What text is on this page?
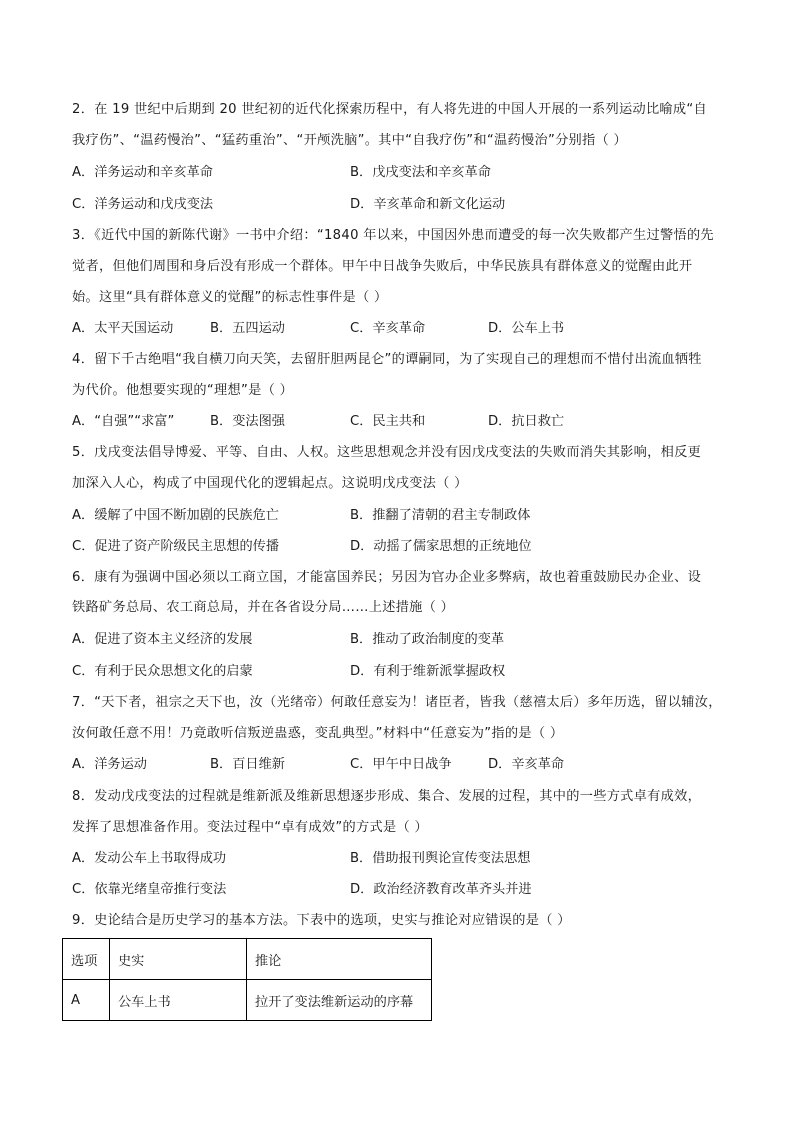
2．在 19 世纪中后期到 20 世纪初的近代化探索历程中，有人将先进的中国人开展的一系列运动比喻成“自
我疗伤”、“温药慢治”、“猛药重治”、“开颅洗脑”。其中“自我疗伤”和“温药慢治”分别指（ ）
A．洋务运动和辛亥革命	B．戊戌变法和辛亥革命
C．洋务运动和戊戌变法	D．辛亥革命和新文化运动
3．《近代中国的新陈代谢》一书中介绍：“1840 年以来，中国因外患而遭受的每一次失败都产生过警悟的先
觉者，但他们周围和身后没有形成一个群体。甲午中日战争失败后，中华民族具有群体意义的觉醒由此开
始。这里“具有群体意义的觉醒”的标志性事件是（ ）
A．太平天国运动	B．五四运动	C．辛亥革命	D．公车上书
4．留下千古绝唱“我自横刀向天笑，去留肝胆两昆仑”的谭嗣同，为了实现自己的理想而不惜付出流血牺牲
为代价。他想要实现的“理想”是（ ）
A．“自强”“求富”	B．变法图强	C．民主共和	D．抗日救亡
5．戊戌变法倡导博爱、平等、自由、人权。这些思想观念并没有因戊戌变法的失败而消失其影响，相反更
加深入人心，构成了中国现代化的逻辑起点。这说明戊戌变法（ ）
A．缓解了中国不断加剧的民族危亡	B．推翻了清朝的君主专制政体
C．促进了资产阶级民主思想的传播	D．动摇了儒家思想的正统地位
6．康有为强调中国必须以工商立国，才能富国养民；另因为官办企业多弊病，故也着重鼓励民办企业、设
铁路矿务总局、农工商总局，并在各省设分局……上述措施（ ）
A．促进了资本主义经济的发展	B．推动了政治制度的变革
C．有利于民众思想文化的启蒙	D．有利于维新派掌握政权
7．“天下者，祖宗之天下也，汝（光绪帝）何敢任意妄为！诸臣者，皆我（慈禧太后）多年历选，留以辅汝，
汝何敢任意不用！乃竟敢听信叛逆蛊惑，变乱典型。”材料中“任意妄为”指的是（ ）
A．洋务运动	B．百日维新	C．甲午中日战争	D．辛亥革命
8．发动戊戌变法的过程就是维新派及维新思想逐步形成、集合、发展的过程，其中的一些方式卓有成效，
发挥了思想准备作用。变法过程中“卓有成效”的方式是（ ）
A．发动公车上书取得成功	B．借助报刊舆论宣传变法思想
C．依靠光绪皇帝推行变法	D．政治经济教育改革齐头并进
9．史论结合是历史学习的基本方法。下表中的选项，史实与推论对应错误的是（ ）
选项	史实	推论
A	公车上书	拉开了变法维新运动的序幕
